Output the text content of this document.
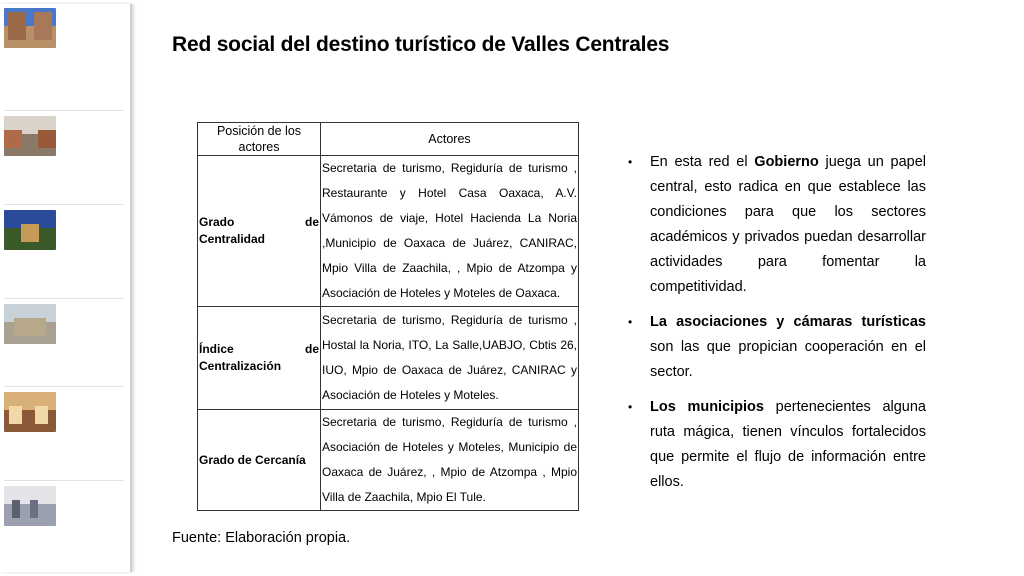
Red social del destino turístico de Valles Centrales
Posición de los actores	Actores
Grado de Centralidad	Secretaria de turismo, Regiduría de turismo , Restaurante y Hotel Casa Oaxaca, A.V. Vámonos de viaje, Hotel Hacienda La Noria ,Municipio de Oaxaca de Juárez, CANIRAC, Mpio Villa de Zaachila, , Mpio de Atzompa y Asociación de Hoteles y Moteles de Oaxaca.
Índice de Centralización	Secretaria de turismo, Regiduría de turismo , Hostal la Noria, ITO, La Salle,UABJO, Cbtis 26, IUO, Mpio de Oaxaca de Juárez, CANIRAC y Asociación de Hoteles y Moteles.
Grado de Cercanía	Secretaria de turismo, Regiduría de turismo , Asociación de Hoteles y Moteles, Municipio de Oaxaca de Juárez, , Mpio de Atzompa , Mpio Villa de Zaachila, Mpio El Tule.
Fuente: Elaboración propia.
• En esta red el Gobierno juega un papel central, esto radica en que establece las condiciones para que los sectores académicos y privados puedan desarrollar actividades para fomentar la competitividad.
• La asociaciones y cámaras turísticas son las que propician cooperación en el sector.
• Los municipios pertenecientes alguna ruta mágica, tienen vínculos fortalecidos que permite el flujo de información entre ellos.
